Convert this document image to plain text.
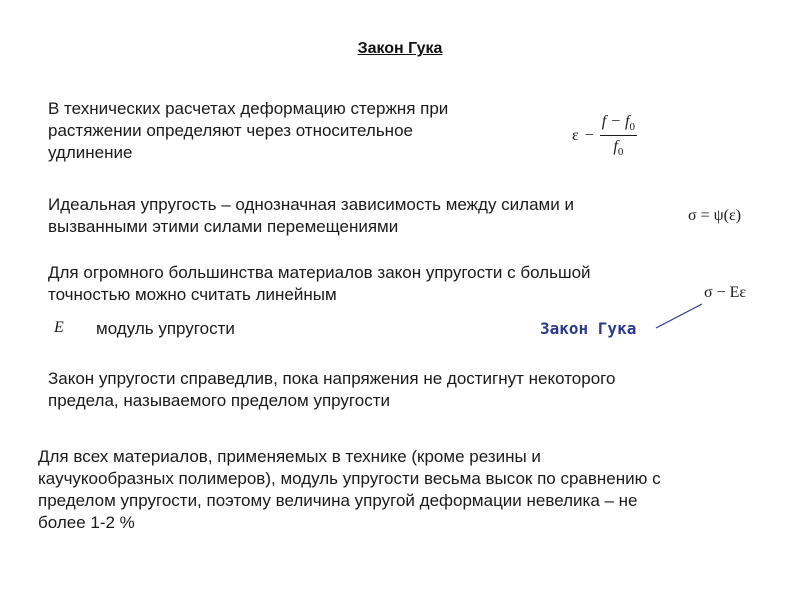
Закон Гука
В технических расчетах деформацию стержня при
растяжении определяют через относительное
удлинение
$\varepsilon - \frac{f - f_0}{f_0}$
Идеальная упругость – однозначная зависимость между силами и
вызванными этими силами перемещениями
σ = ψ(ε)
Для огромного большинства материалов закон упругости с большой
точностью можно считать линейным	σ − Eε
E модуль упругости	Закон Гука
Закон упругости справедлив, пока напряжения не достигнут некоторого
предела, называемого пределом упругости
Для всех материалов, применяемых в технике (кроме резины и
каучукообразных полимеров), модуль упругости весьма высок по сравнению с
пределом упругости, поэтому величина упругой деформации невелика – не
более 1-2 %
